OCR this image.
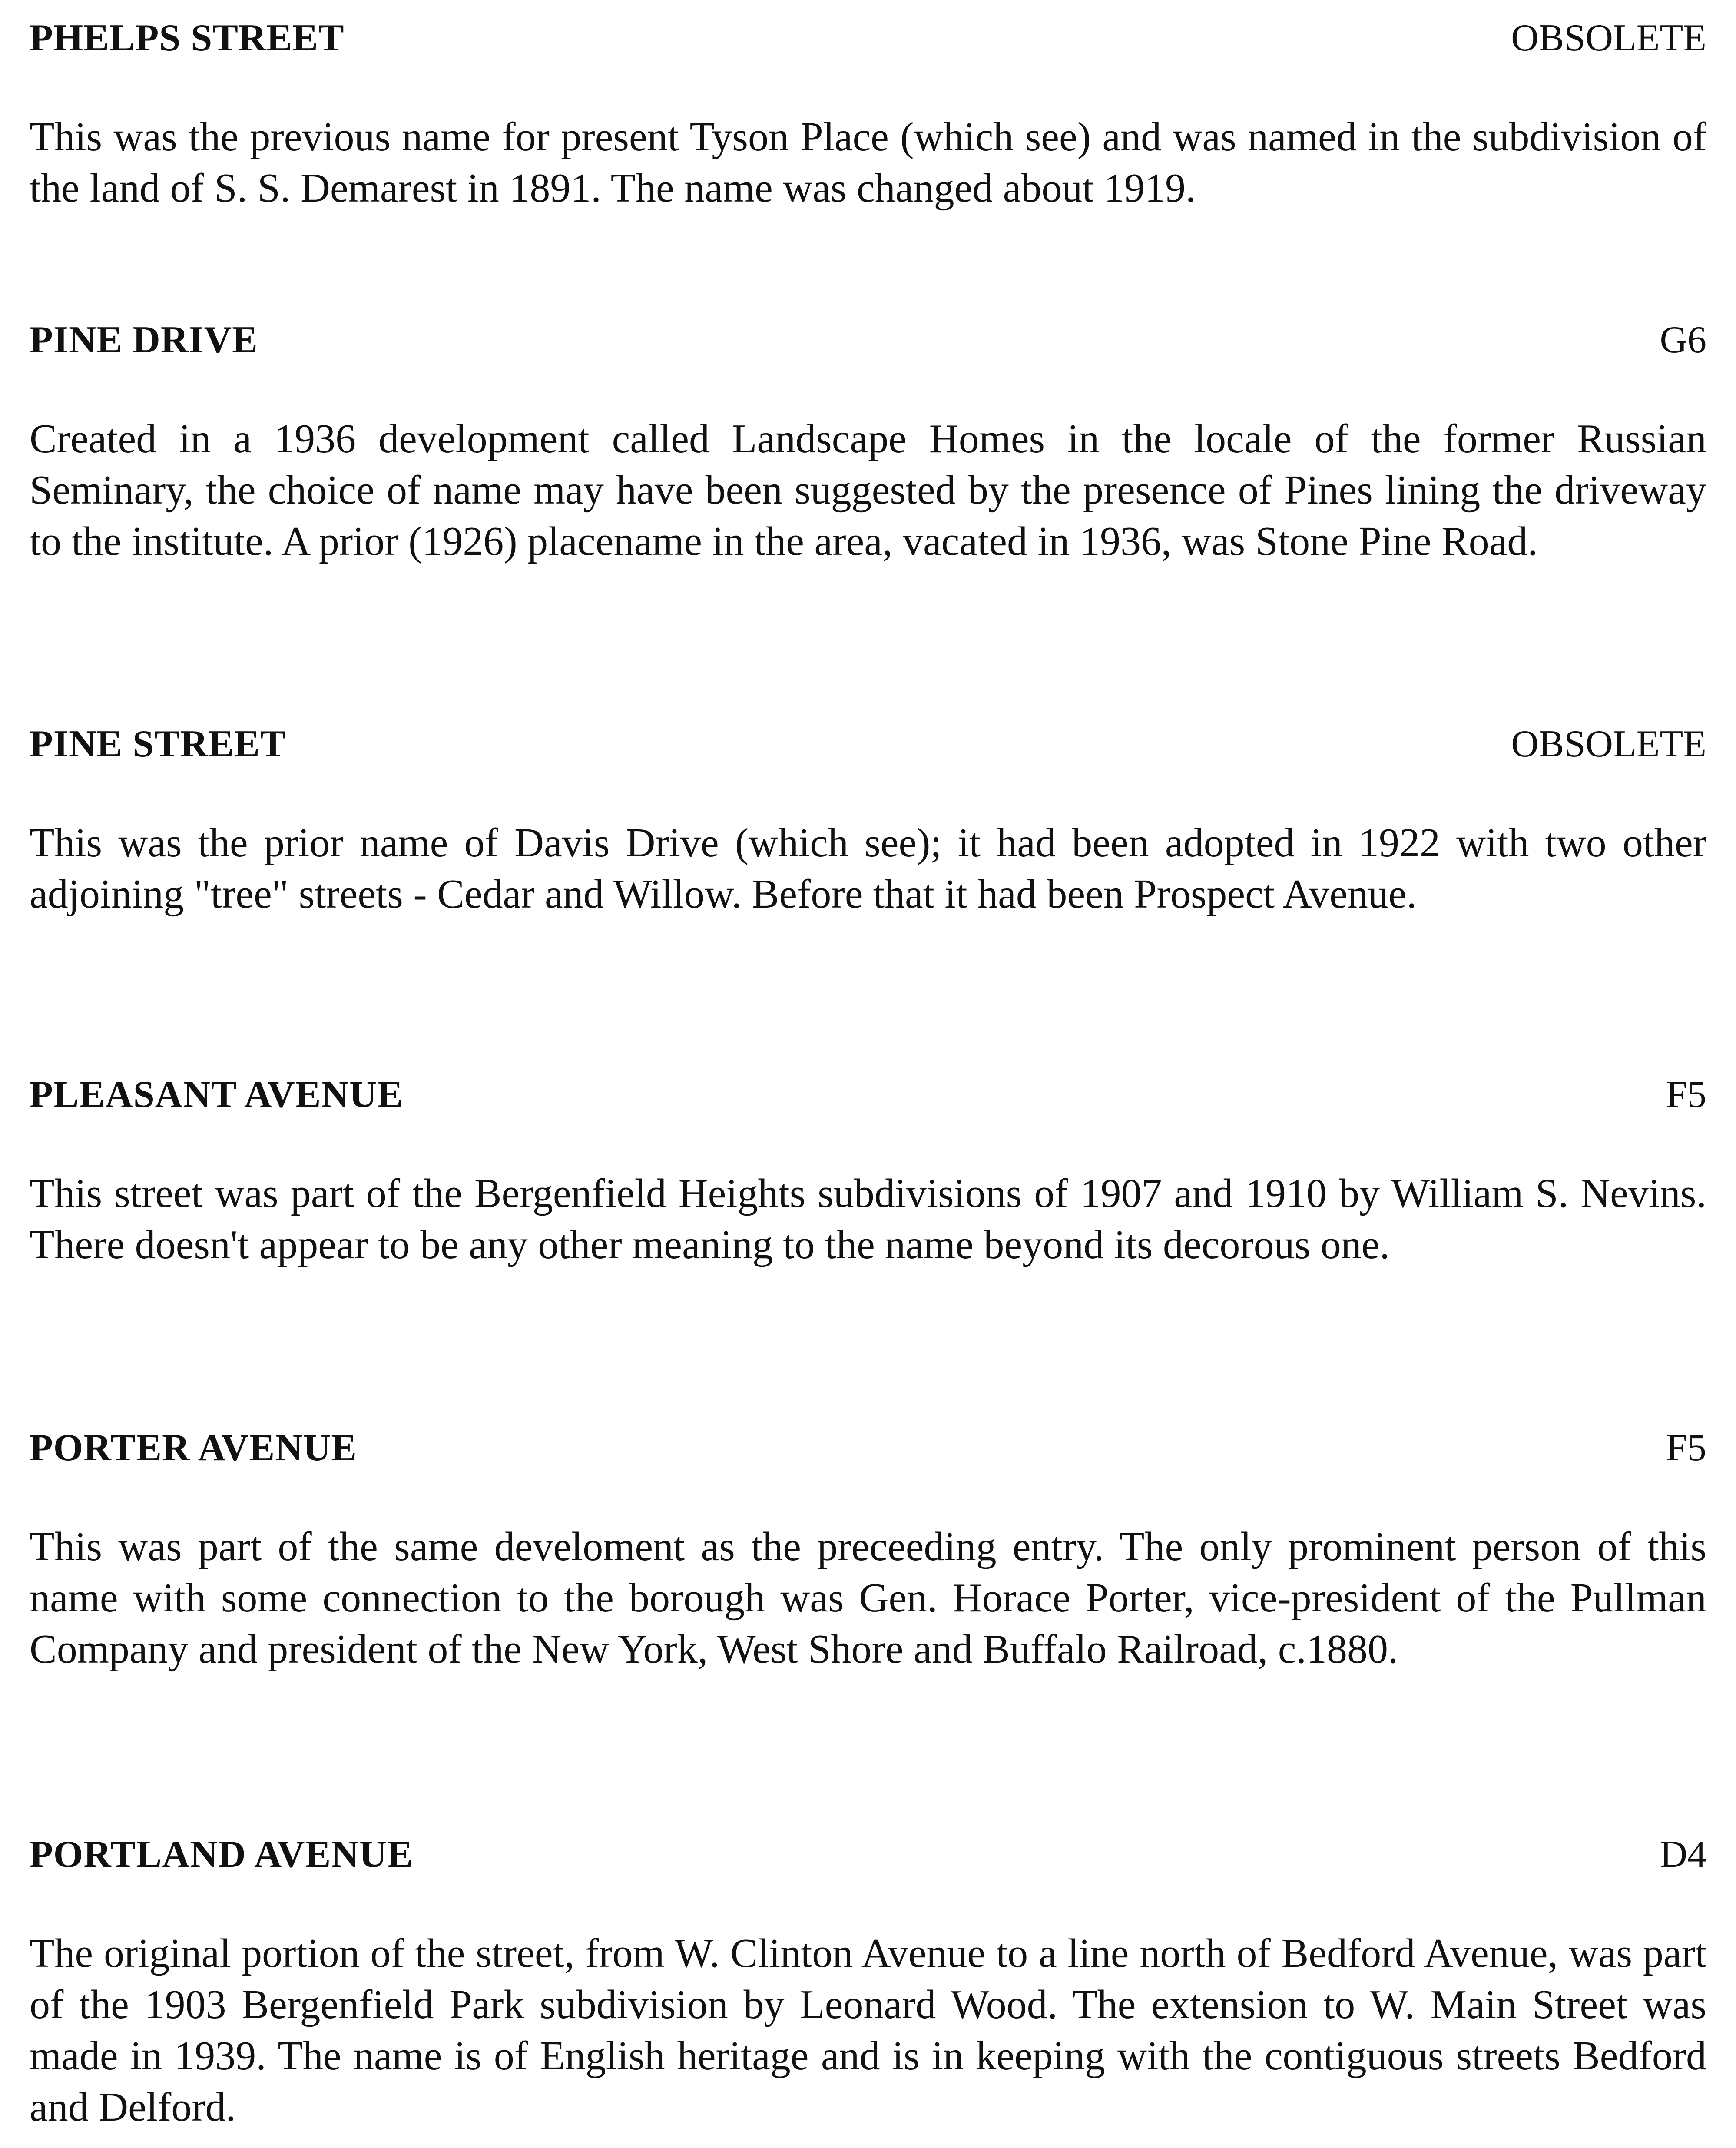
PHELPS STREET	OBSOLETE
This was the previous name for present Tyson Place (which see) and was named in the subdivision of the land of S. S. Demarest in 1891. The name was changed about 1919.
PINE DRIVE	G6
Created in a 1936 development called Landscape Homes in the locale of the former Russian Seminary, the choice of name may have been suggested by the presence of Pines lining the driveway to the institute. A prior (1926) placename in the area, vacated in 1936, was Stone Pine Road.
PINE STREET	OBSOLETE
This was the prior name of Davis Drive (which see); it had been adopted in 1922 with two other adjoining "tree" streets - Cedar and Willow. Before that it had been Prospect Avenue.
PLEASANT AVENUE	F5
This street was part of the Bergenfield Heights subdivisions of 1907 and 1910 by William S. Nevins. There doesn't appear to be any other meaning to the name beyond its decorous one.
PORTER AVENUE	F5
This was part of the same develoment as the preceeding entry. The only prominent person of this name with some connection to the borough was Gen. Horace Porter, vice-president of the Pullman Company and president of the New York, West Shore and Buffalo Railroad, c.1880.
PORTLAND AVENUE	D4
The original portion of the street, from W. Clinton Avenue to a line north of Bedford Avenue, was part of the 1903 Bergenfield Park subdivision by Leonard Wood. The extension to W. Main Street was made in 1939. The name is of English heritage and is in keeping with the contiguous streets Bedford and Delford.
